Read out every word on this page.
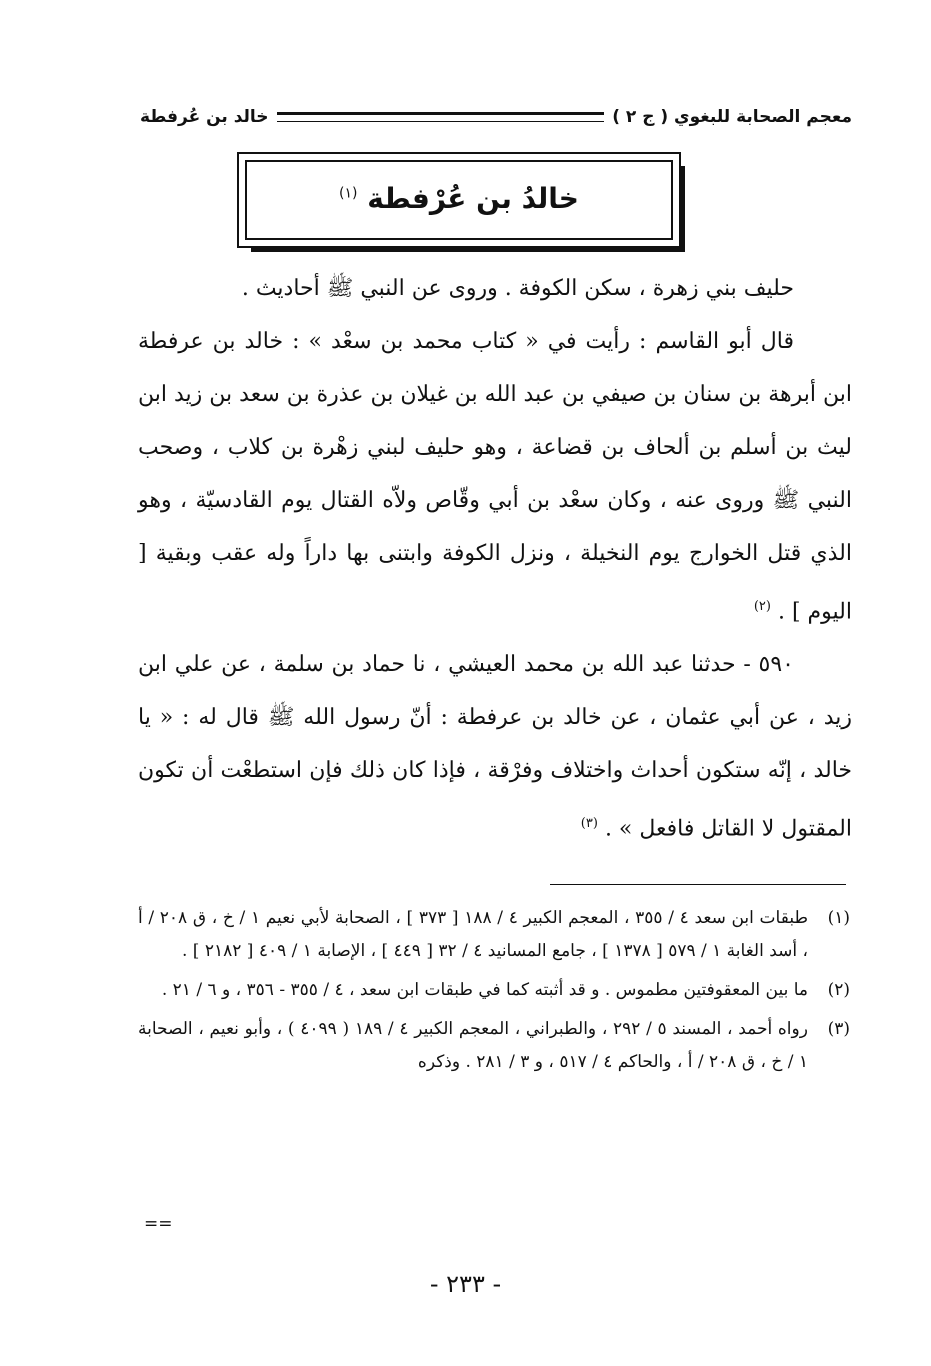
معجم الصحابة للبغوي ( ج ٢ )
خالد بن عُرفطة
خالدُ بن عُرْفطة $^{(١)}$

حليف بني زهرة ، سكن الكوفة . وروى عن النبي ﷺ أحاديث .

قال أبو القاسم : رأيت في « كتاب محمد بن سعْد » : خالد بن عرفطة ابن أبرهة بن سنان بن صيفي بن عبد الله بن غيلان بن عذرة بن سعد بن زيد ابن ليث بن أسلم بن ألحاف بن قضاعة ، وهو حليف لبني زهْرة بن كلاب ، وصحب النبي ﷺ وروى عنه ، وكان سعْد بن أبي وقّاص ولاّه القتال يوم القادسيّة ، وهو الذي قتل الخوارج يوم النخيلة ، ونزل الكوفة وابتنى بها داراً وله عقب وبقية [ اليوم ] . $^{(٢)}$

٥٩٠ - حدثنا عبد الله بن محمد العيشي ، نا حماد بن سلمة ، عن علي ابن زيد ، عن أبي عثمان ، عن خالد بن عرفطة : أنّ رسول الله ﷺ قال له : « يا خالد ، إنّه ستكون أحداث واختلاف وفرْقة ، فإذا كان ذلك فإن استطعْت أن تكون المقتول لا القاتل فافعل » . $^{(٣)}$

(١)
طبقات ابن سعد ٤ / ٣٥٥ ، المعجم الكبير ٤ / ١٨٨ [ ٣٧٣ ] ، الصحابة لأبي نعيم ١ / خ ، ق ٢٠٨ / أ ، أسد الغابة ١ / ٥٧٩ [ ١٣٧٨ ] ، جامع المسانيد ٤ / ٣٢ [ ٤٤٩ ] ، الإصابة ١ / ٤٠٩ [ ٢١٨٢ ] .
(٢)
ما بين المعقوفتين مطموس . و قد أثبته كما في طبقات ابن سعد ، ٤ / ٣٥٥ - ٣٥٦ ، و ٦ / ٢١ .
(٣)
رواه أحمد ، المسند ٥ / ٢٩٢ ، والطبراني ، المعجم الكبير ٤ / ١٨٩ ( ٤٠٩٩ ) ، وأبو نعيم ، الصحابة ١ / خ ، ق ٢٠٨ / أ ، والحاكم ٤ / ٥١٧ ، و ٣ / ٢٨١ . وذكره
==
- ٢٣٣ -
